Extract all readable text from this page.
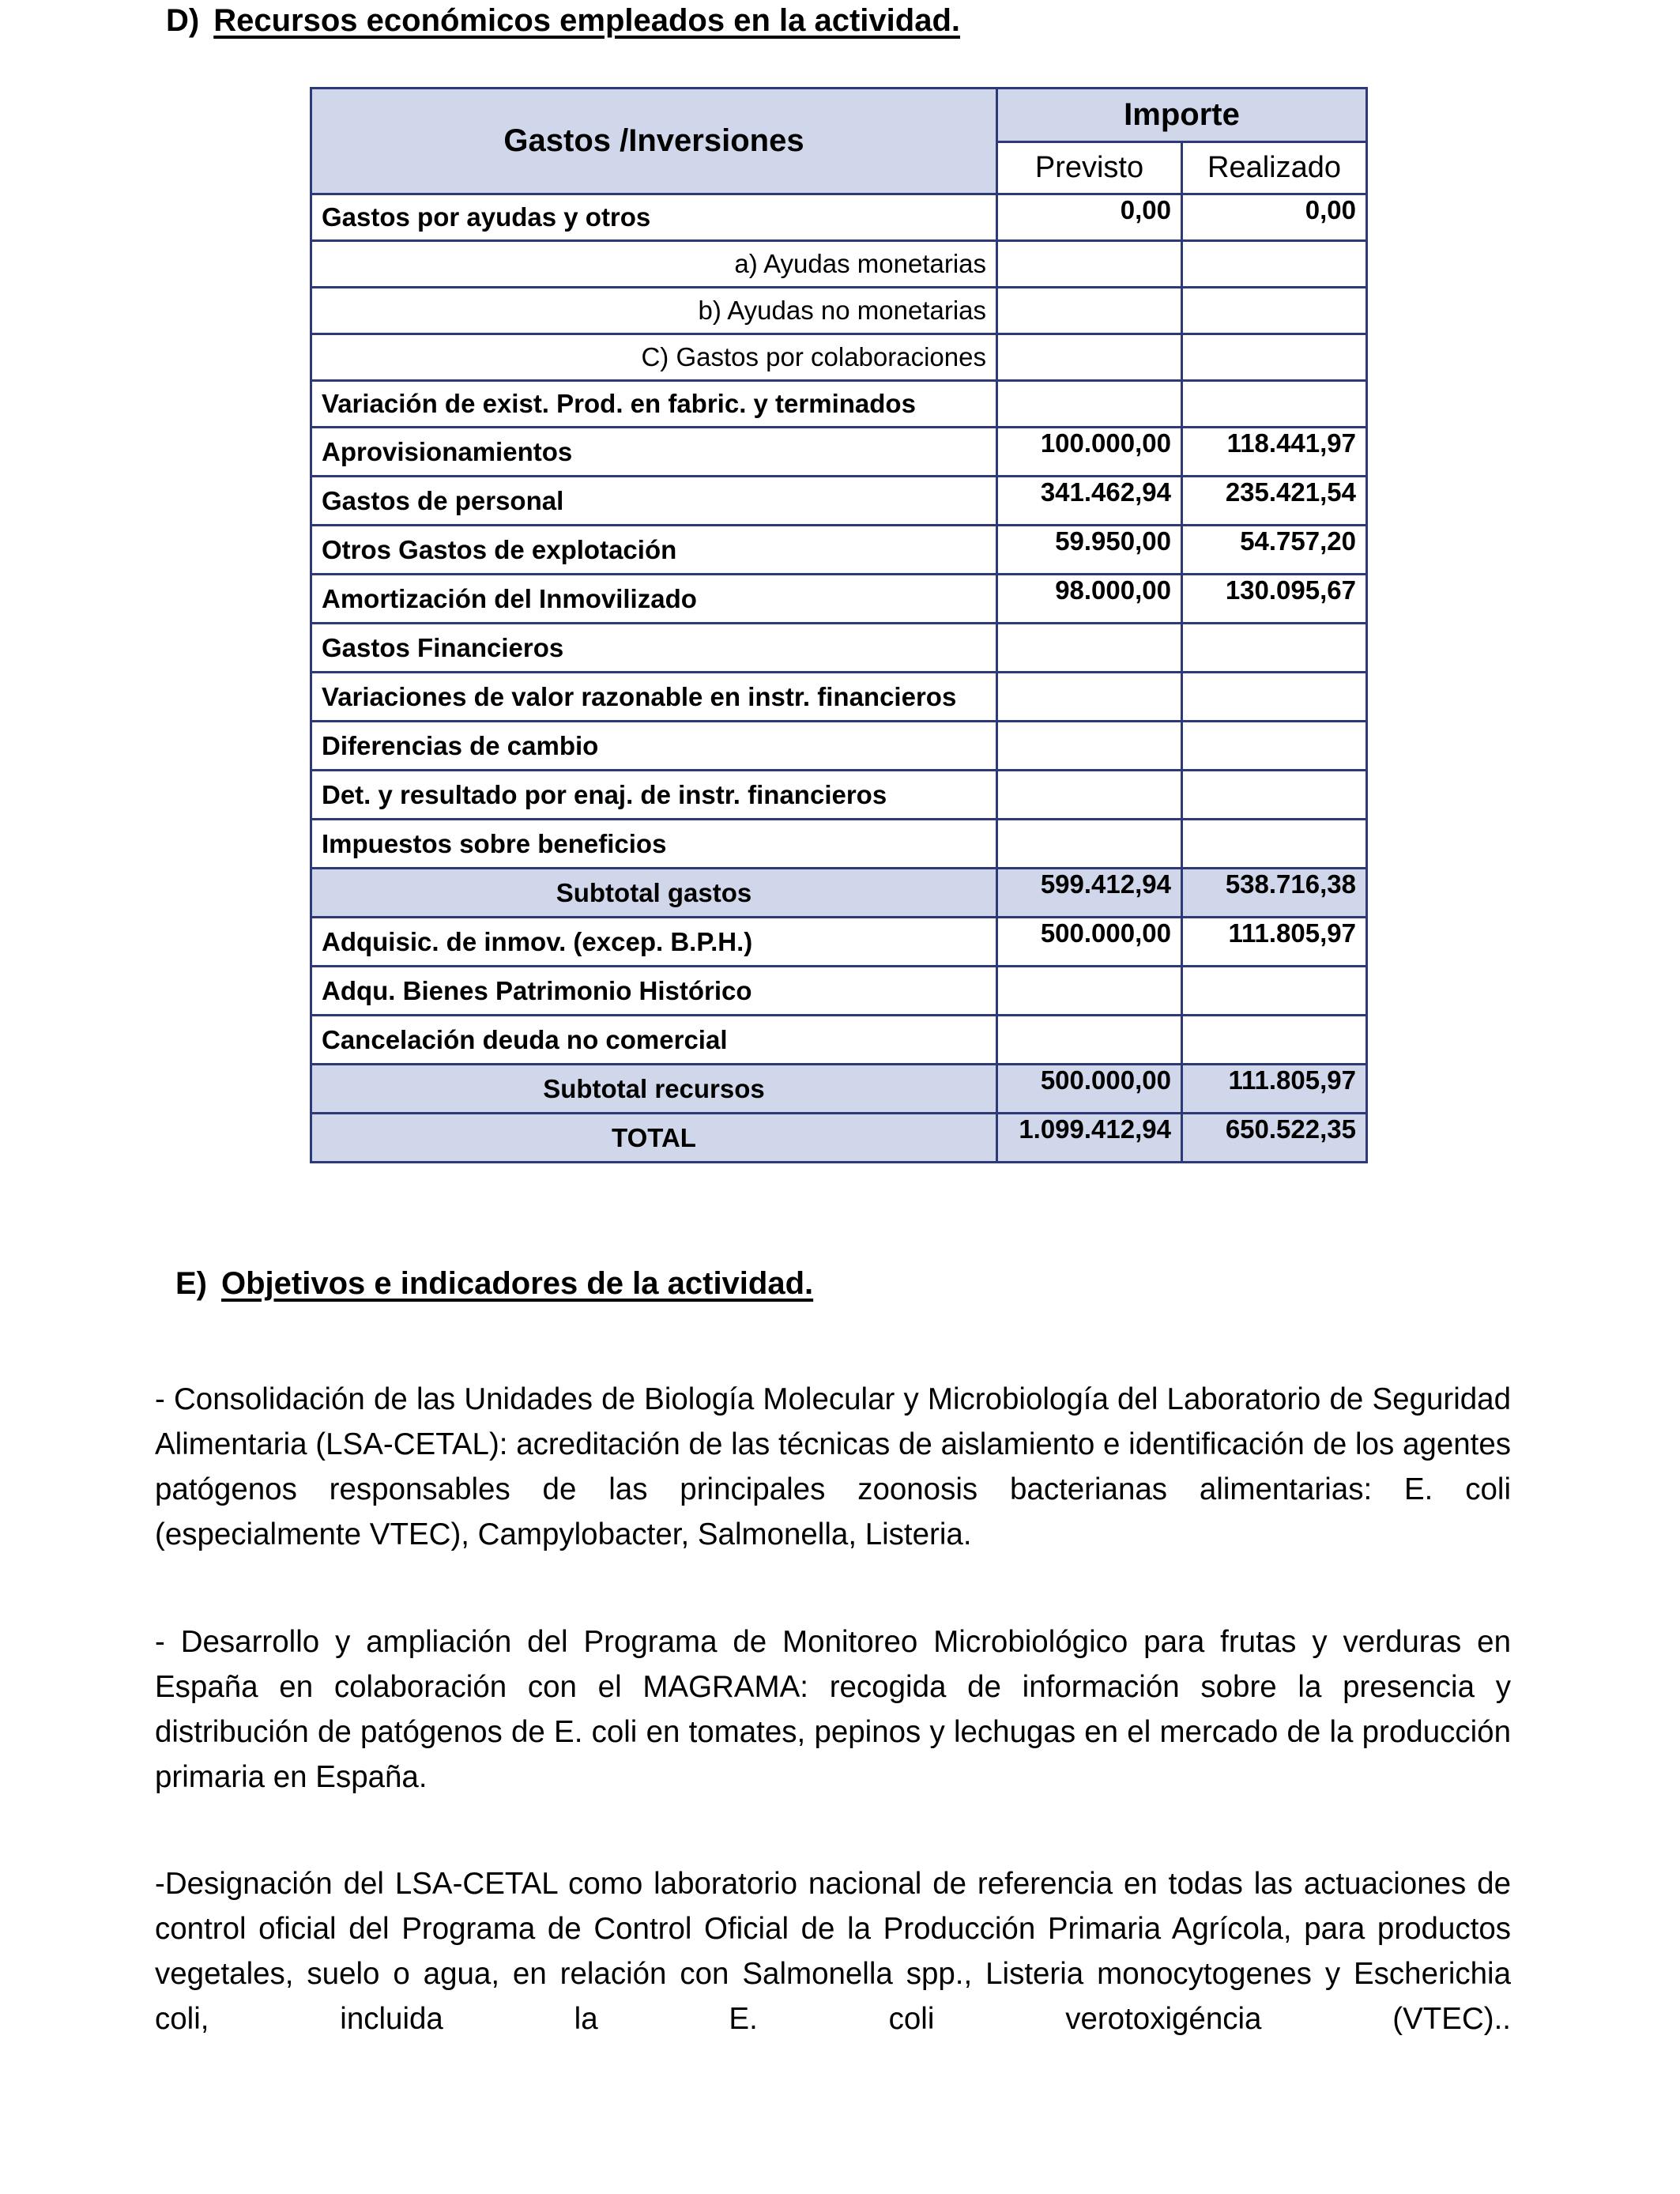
D) Recursos económicos empleados en la actividad.
Gastos /Inversiones	Importe	
	Previsto	Realizado
Gastos por ayudas y otros	0,00	0,00
a) Ayudas monetarias		
b) Ayudas no monetarias		
C) Gastos por colaboraciones		
Variación de exist. Prod. en fabric. y terminados		
Aprovisionamientos	100.000,00	118.441,97
Gastos de personal	341.462,94	235.421,54
Otros Gastos de explotación	59.950,00	54.757,20
Amortización del Inmovilizado	98.000,00	130.095,67
Gastos Financieros		
Variaciones de valor razonable en instr. financieros		
Diferencias de cambio		
Det. y resultado por enaj. de instr. financieros		
Impuestos sobre beneficios		
Subtotal gastos	599.412,94	538.716,38
Adquisic. de inmov. (excep. B.P.H.)	500.000,00	111.805,97
Adqu. Bienes Patrimonio Histórico		
Cancelación deuda no comercial		
Subtotal recursos	500.000,00	111.805,97
TOTAL	1.099.412,94	650.522,35
E) Objetivos e indicadores de la actividad.

- Consolidación de las Unidades de Biología Molecular y Microbiología del Laboratorio de Seguridad Alimentaria (LSA-CETAL): acreditación de las técnicas de aislamiento e identificación de los agentes patógenos responsables de las principales zoonosis bacterianas alimentarias: E. coli (especialmente VTEC), Campylobacter, Salmonella, Listeria.

- Desarrollo y ampliación del Programa de Monitoreo Microbiológico para frutas y verduras en España en colaboración con el MAGRAMA: recogida de información sobre la presencia y distribución de patógenos de E. coli en tomates, pepinos y lechugas en el mercado de la producción primaria en España.

-Designación del LSA-CETAL como laboratorio nacional de referencia en todas las actuaciones de control oficial del Programa de Control Oficial de la Producción Primaria Agrícola, para productos vegetales, suelo o agua, en relación con Salmonella spp., Listeria monocytogenes y Escherichia coli, incluida la E. coli verotoxigéncia (VTEC)..
